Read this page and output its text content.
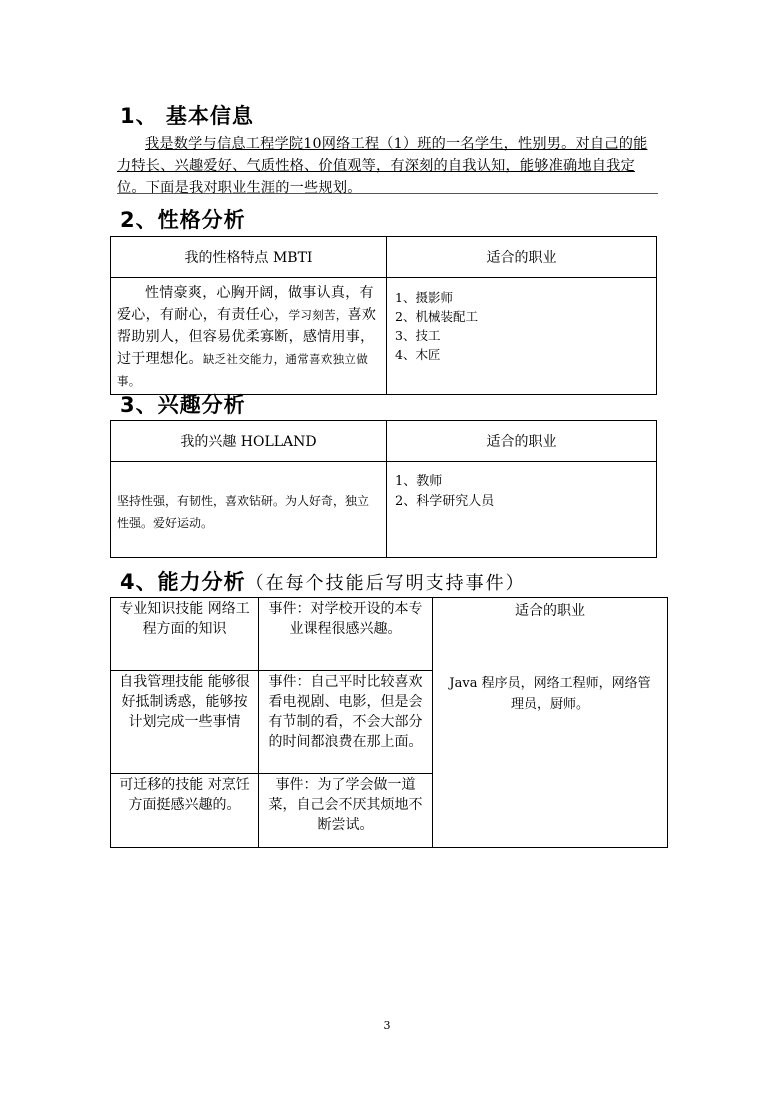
1、 基本信息
我是数学与信息工程学院10网络工程（1）班的一名学生，性别男。对自己的能力特长、兴趣爱好、气质性格、价值观等，有深刻的自我认知，能够准确地自我定位。下面是我对职业生涯的一些规划。
2、性格分析
我的性格特点 MBTI	适合的职业
性情豪爽，心胸开阔，做事认真，有爱心，有耐心，有责任心，学习刻苦，喜欢帮助别人，但容易优柔寡断，感情用事，过于理想化。缺乏社交能力，通常喜欢独立做事。	1、摄影师
2、机械装配工
3、技工
4、木匠
3、兴趣分析
我的兴趣 HOLLAND	适合的职业
坚持性强，有韧性，喜欢钻研。为人好奇，独立性强。爱好运动。	1、教师
2、科学研究人员
4、能力分析（在每个技能后写明支持事件）
专业知识技能 网络工程方面的知识	事件：对学校开设的本专业课程很感兴趣。	适合的职业
Java 程序员，网络工程师，网络管理员，厨师。

自我管理技能 能够很好抵制诱惑，能够按计划完成一些事情	事件：自己平时比较喜欢看电视剧、电影，但是会有节制的看，不会大部分的时间都浪费在那上面。	
可迁移的技能 对烹饪方面挺感兴趣的。	事件：为了学会做一道菜，自己会不厌其烦地不断尝试。	
3
